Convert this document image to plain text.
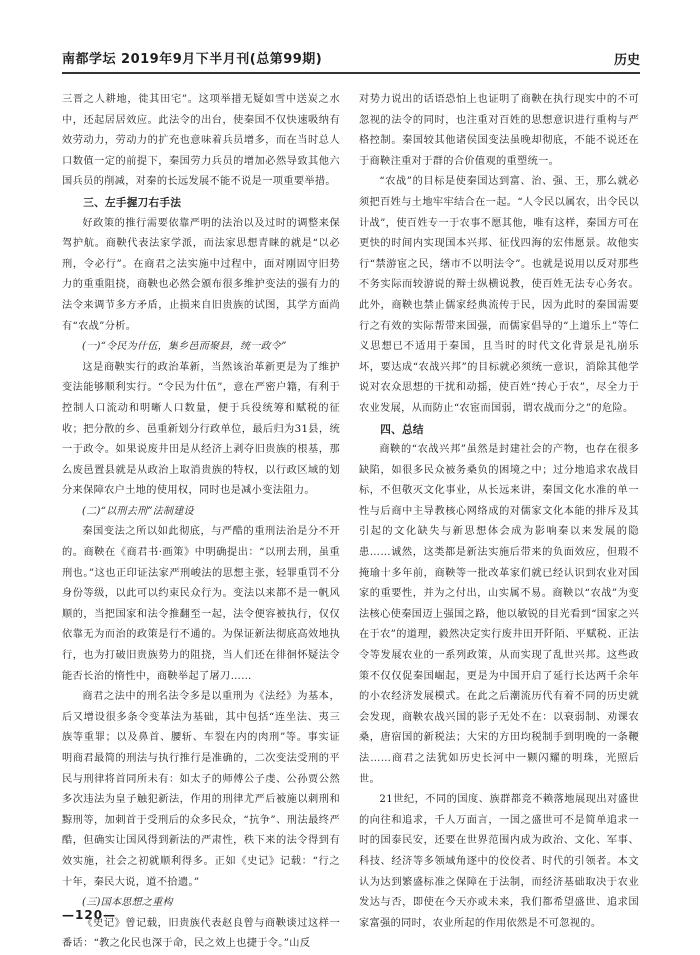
南都学坛 2019年9月下半月刊(总第99期)	历史

三晋之人耕地，徙其田宅”。这项举措无疑如雪中送炭之水中，还起居居效应。此法令的出台，使秦国不仅快速吸纳有效劳动力，劳动力的扩充也意味着兵员增多，而在当时总人口数值一定的前提下，秦国劳力兵员的增加必然导致其他六国兵员的削减，对秦的长远发展不能不说是一项重要举措。

三、左手握刀右手法

好政策的推行需要依靠严明的法治以及过时的调整来保驾护航。商鞅代表法家学派，而法家思想青睐的就是“以必刑，令必行”。在商君之法实施中过程中，面对刚固守旧势力的重重阻挠，商鞅也必然会颁布很多维护变法的强有力的法令来调节多方矛盾，止损来自旧贵族的试图，其学方面尚有“农战”分析。

(一)“令民为什伍，集乡邑而聚县，统一政令”

这是商鞅实行的政治革新，当然该治革新更是为了维护变法能够顺利实行。“令民为什伍”，意在严密户籍，有利于控制人口流动和明晰人口数量，便于兵役统筹和赋税的征收；把分散的乡、邑重新划分行政单位，最后归为31县，统一于政令。如果说废井田是从经济上剥夺旧贵族的根基，那么废邑置县就是从政治上取消贵族的特权，以行政区域的划分来保障农户土地的使用权，同时也是减小变法阻力。

(二)“以刑去刑”法制建设

秦国变法之所以如此彻底，与严酷的重刑法治是分不开的。商鞅在《商君书·画策》中明确提出：“以刑去刑，虽重刑也。”这也正印证法家严刑峻法的思想主张，轻罪重罚不分身份等级，以此可以约束民众行为。变法以来都不是一帆风顺的，当把国家和法令推翻至一起，法令便容被执行，仅仅依靠无为而治的政策是行不通的。为保证新法彻底高效地执行，也为打破旧贵族势力的阻挠，当人们还在徘徊怀疑法令能否长治的惰性中，商鞅举起了屠刀……

商君之法中的刑名法令多是以重刑为《法经》为基本，后又增设很多条令变革法为基础，其中包括“连坐法、夷三族等重罪；以及鼻首、腰斩、车裂在内的肉刑”等。事实证明商君最简的刑法与执行推行是准确的，二次变法受刑的平民与刑律将首同所未有：如太子的师傅公子虔、公孙贾公然多次违法为皇子触犯新法，作用的刑律尤严后被施以刺刑和黥刑等，加刺首于受刑后的众多民众，“抗争”、刑法最终严酷，但确实让国风得到新法的严肃性，秩下来的法令得到有效实施，社会之初就顺利得多。正如《史记》记载：“行之十年，秦民大说，道不拾遗。”

(三)国本思想之重构

《史记》曾记载，旧贵族代表赵良曾与商鞅谈过这样一番话：“教之化民也深于命，民之效上也捷于令。”山反

对势力说出的话语恐怕上也证明了商鞅在执行现实中的不可忽视的法令的同时，也注重对百姓的思想意识进行重构与严格控制。秦国较其他诸侯国变法虽晚却彻底，不能不说还在于商鞅注重对于群的合价值观的重塑统一。

“农战”的目标是使秦国达到富、治、强、王，那么就必须把百姓与土地牢牢结合在一起。“人令民以属农，出令民以计战”，使百姓专一于农事不愿其他，唯有这样，秦国方可在更快的时间内实现国本兴邦、征伐四海的宏伟愿景。故他实行“禁游宦之民，缮市不以明法令”。也就是说用以反对那些不务实际而较游说的辩士纵横说教，使百姓无法专心务农。此外，商鞅也禁止儒家经典流传于民，因为此时的秦国需要行之有效的实际帮带来国强，而儒家倡导的“上道乐上”等仁义思想已不适用于秦国，且当时的时代文化背景是礼崩乐坏，要达成“农战兴邦”的目标就必须统一意识，消除其他学说对农众思想的干扰和动摇，使百姓“抟心于农”，尽全力于农业发展，从而防止“农宦而国弱，谓农战而分之”的危险。

四、总结

商鞅的“农战兴邦”虽然是封建社会的产物，也存在很多缺陷，如很多民众被务桑负的困境之中；过分地追求农战目标，不但敬灭文化事业，从长远来讲，秦国文化水准的单一性与后商中主导教核心网络成的对儒家文化本能的排斥及其引起的文化缺失与新思想体会成为影响秦以来发展的隐患……诚然，这类都是新法实施后带来的负面效应，但瑕不掩瑜十多年前，商鞅等一批改革家们就已经认识到农业对国家的重要性，并为之付出，山实属不易。商鞅以“农战”为变法核心使秦国迈上强国之路，他以敏锐的目光看到“国家之兴在于农”的道理，毅然决定实行废井田开阡陌、平赋税、正法令等发展农业的一系列政策，从而实现了乱世兴邦。这些政策不仅仅促秦国崛起，更是为中国开启了延行长达两千余年的小农经济发展模式。在此之后潮流历代有着不同的历史就会发现，商鞅农战兴国的影子无处不在：以衰弱制、劝课农桑，唐宿国的新税法；大宋的方田均税制手到明晚的一条鞭法……商君之法犹如历史长河中一颗闪耀的明珠，光照后世。

21世纪，不同的国度、族群都竞不赖落地展现出对盛世的向往和追求，千人万面言，一国之盛世可不是简单追求一时的国泰民安，还要在世界范围内成为政治、文化、军事、科技、经济等多领域角逐中的佼佼者、时代的引领者。本文认为达到繁盛标准之保障在于法制，而经济基础取决于农业发达与否，即使在今天亦或未来，我们都希望盛世、追求国家富强的同时，农业所起的作用依然是不可忽视的。

—120—
